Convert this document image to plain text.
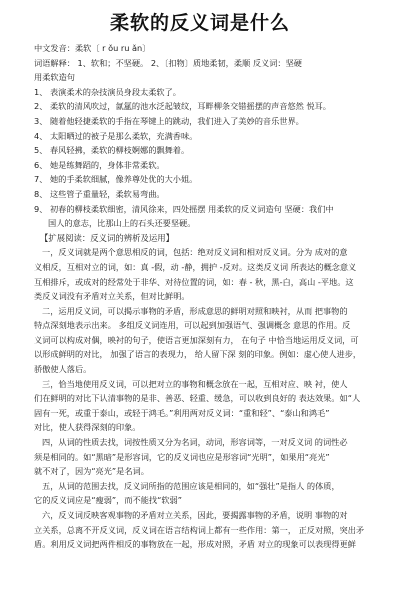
柔软的反义词是什么
中文发音：柔软〔 r ǒu ru ǎn〕
词语解释： 1、软和；不坚硬。 2、〔扣物〕质地柔韧，柔顺 反义词：坚硬
用柔软造句
1、 表演柔术的杂技演员身段太柔软了。
2、 柔软的清风吹过，氤氲的池水泛起皱纹，耳畔柳条交错摇摆的声音悠然 悦耳。
3、 随着他轻捷柔软的手指在琴键上的跳动，我们进入了美妙的音乐世界。
4、 太阳晒过的被子是那么柔软，充满香味。
5、 春风轻拂，柔软的柳枝婀娜的飘舞着。
6、 她是练舞蹈的，身体非常柔软。
7、 她的手柔软细腻，像养尊处优的大小姐。
8、 这些管子重量轻，柔软易弯曲。
9、 初春的柳枝柔软细密，清风徐来，四处摇摆 用柔软的反义词造句 坚硬：我们中
国人的意志，比那山上的石头还要坚硬。
【扩展阅读：反义词的辨析及运用】
一，反义词就是两个意思相反的词，包括：绝对反义词和相对反义词。分为 成对的意
义相反，互相对立的词，如：真 -假，动 -静，拥护 -反对。这类反义词 所表达的概念意义
互相排斥，或成对的经常处于非华、对待位置的词，如：春 - 秋，黑-白，高山 -平地。这
类反义词没有矛盾对立关系，但对比鲜明。
二，运用反义词，可以揭示事物的矛盾，形成意思的鲜明对照和映衬，从而 把事物的
特点深刻地表示出来。 多组反义词连用，可以起到加强语气、强调概念 意思的作用。反
义词可以构成对偶，映衬的句子，使语言更加深刻有力， 在句子 中恰当地运用反义词，可
以形成鲜明的对比， 加强了语言的表现力， 给人留下深 刻的印象。例如：虚心使人进步，
骄傲使人落后。
三，恰当地使用反义词，可以把对立的事物和概念放在一起，互相对应、映 衬，使人
们在鲜明的对比下认清事物的是非、善恶、轻重、缓急，可以收到良好的 表达效果。如“人
固有一死，或重于泰山，或轻于鸿毛。”利用两对反义词：“重和轻”、“泰山和鸿毛”
对比，使人获得深刻的印象。
四，从词的性质去找，词按性质又分为名词，动词，形容词等，一对反义词 的词性必
须是相同的。如“黑暗”是形容词，它的反义词也应是形容词“光明”，如果用“亮光”
就不对了，因为“亮光”是名词。
五，从词的范围去找，反义词所指的范围应该是相同的，如“强壮”是指人 的体质，
它的反义词应是“瘦弱”，而不能找“软弱”
六，反义词反映客观事物的矛盾对立关系，因此，要揭露事物的矛盾，说明 事物的对
立关系，总离不开反义词，反义词在语言结构词上都有一些作用：第一， 正反对照，突出矛
盾。利用反义词把两件相反的事物放在一起，形成对照，矛盾 对立的现象可以表现得更鲜
